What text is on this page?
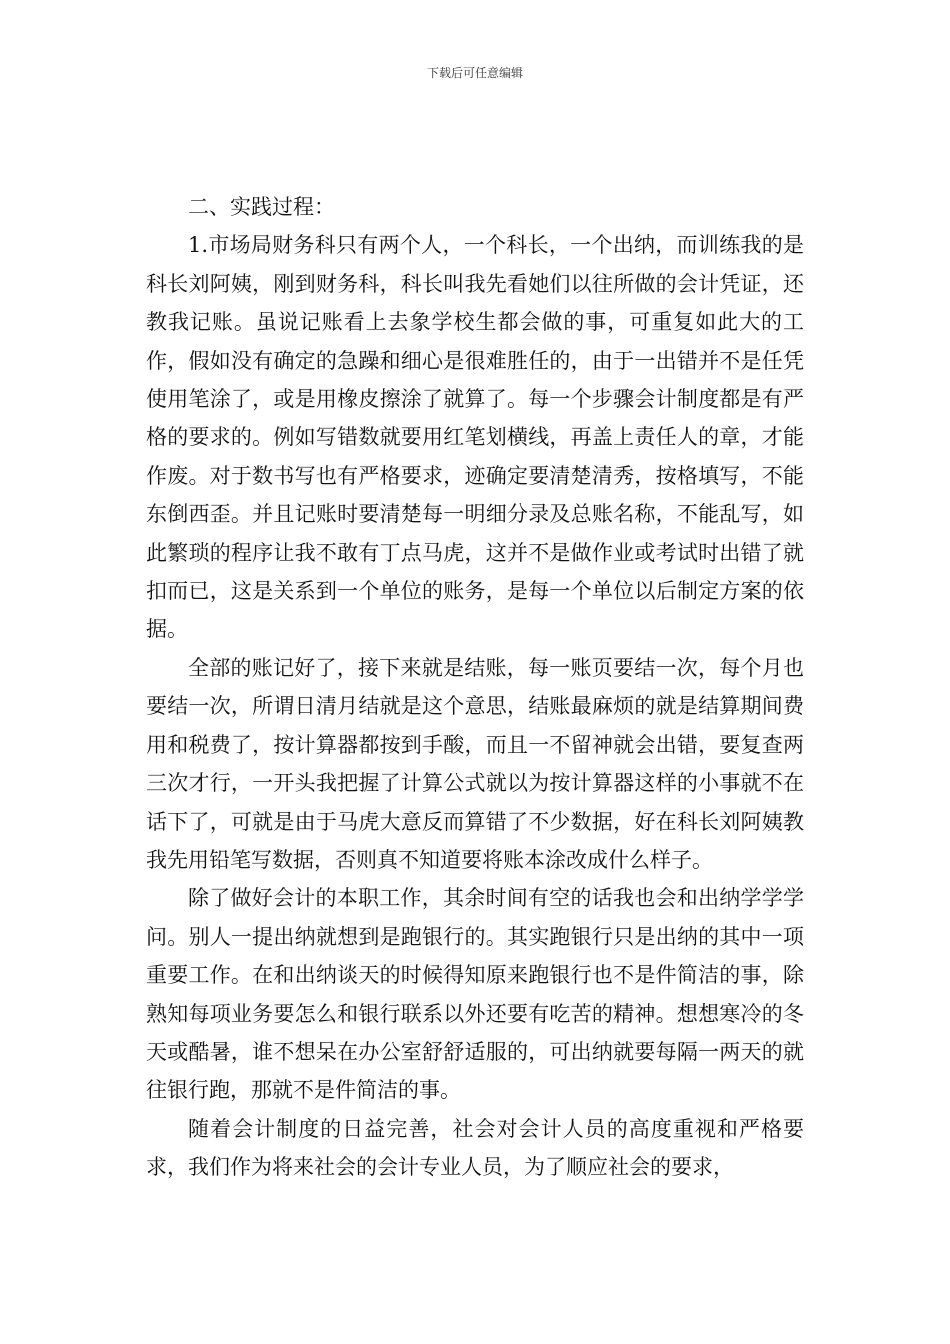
下载后可任意编辑

二、实践过程：

1.市场局财务科只有两个人，一个科长，一个出纳，而训练我的是科长刘阿姨，刚到财务科，科长叫我先看她们以往所做的会计凭证，还教我记账。虽说记账看上去象学校生都会做的事，可重复如此大的工作，假如没有确定的急躁和细心是很难胜任的，由于一出错并不是任凭使用笔涂了，或是用橡皮擦涂了就算了。每一个步骤会计制度都是有严格的要求的。例如写错数就要用红笔划横线，再盖上责任人的章，才能作废。对于数书写也有严格要求，迹确定要清楚清秀，按格填写，不能东倒西歪。并且记账时要清楚每一明细分录及总账名称，不能乱写，如此繁琐的程序让我不敢有丁点马虎，这并不是做作业或考试时出错了就扣而已，这是关系到一个单位的账务，是每一个单位以后制定方案的依据。

全部的账记好了，接下来就是结账，每一账页要结一次，每个月也要结一次，所谓日清月结就是这个意思，结账最麻烦的就是结算期间费用和税费了，按计算器都按到手酸，而且一不留神就会出错，要复查两三次才行，一开头我把握了计算公式就以为按计算器这样的小事就不在话下了，可就是由于马虎大意反而算错了不少数据，好在科长刘阿姨教我先用铅笔写数据，否则真不知道要将账本涂改成什么样子。

除了做好会计的本职工作，其余时间有空的话我也会和出纳学学学问。别人一提出纳就想到是跑银行的。其实跑银行只是出纳的其中一项重要工作。在和出纳谈天的时候得知原来跑银行也不是件简洁的事，除熟知每项业务要怎么和银行联系以外还要有吃苦的精神。想想寒冷的冬天或酷暑，谁不想呆在办公室舒舒适服的，可出纳就要每隔一两天的就往银行跑，那就不是件简洁的事。

随着会计制度的日益完善，社会对会计人员的高度重视和严格要求，我们作为将来社会的会计专业人员，为了顺应社会的要求，
